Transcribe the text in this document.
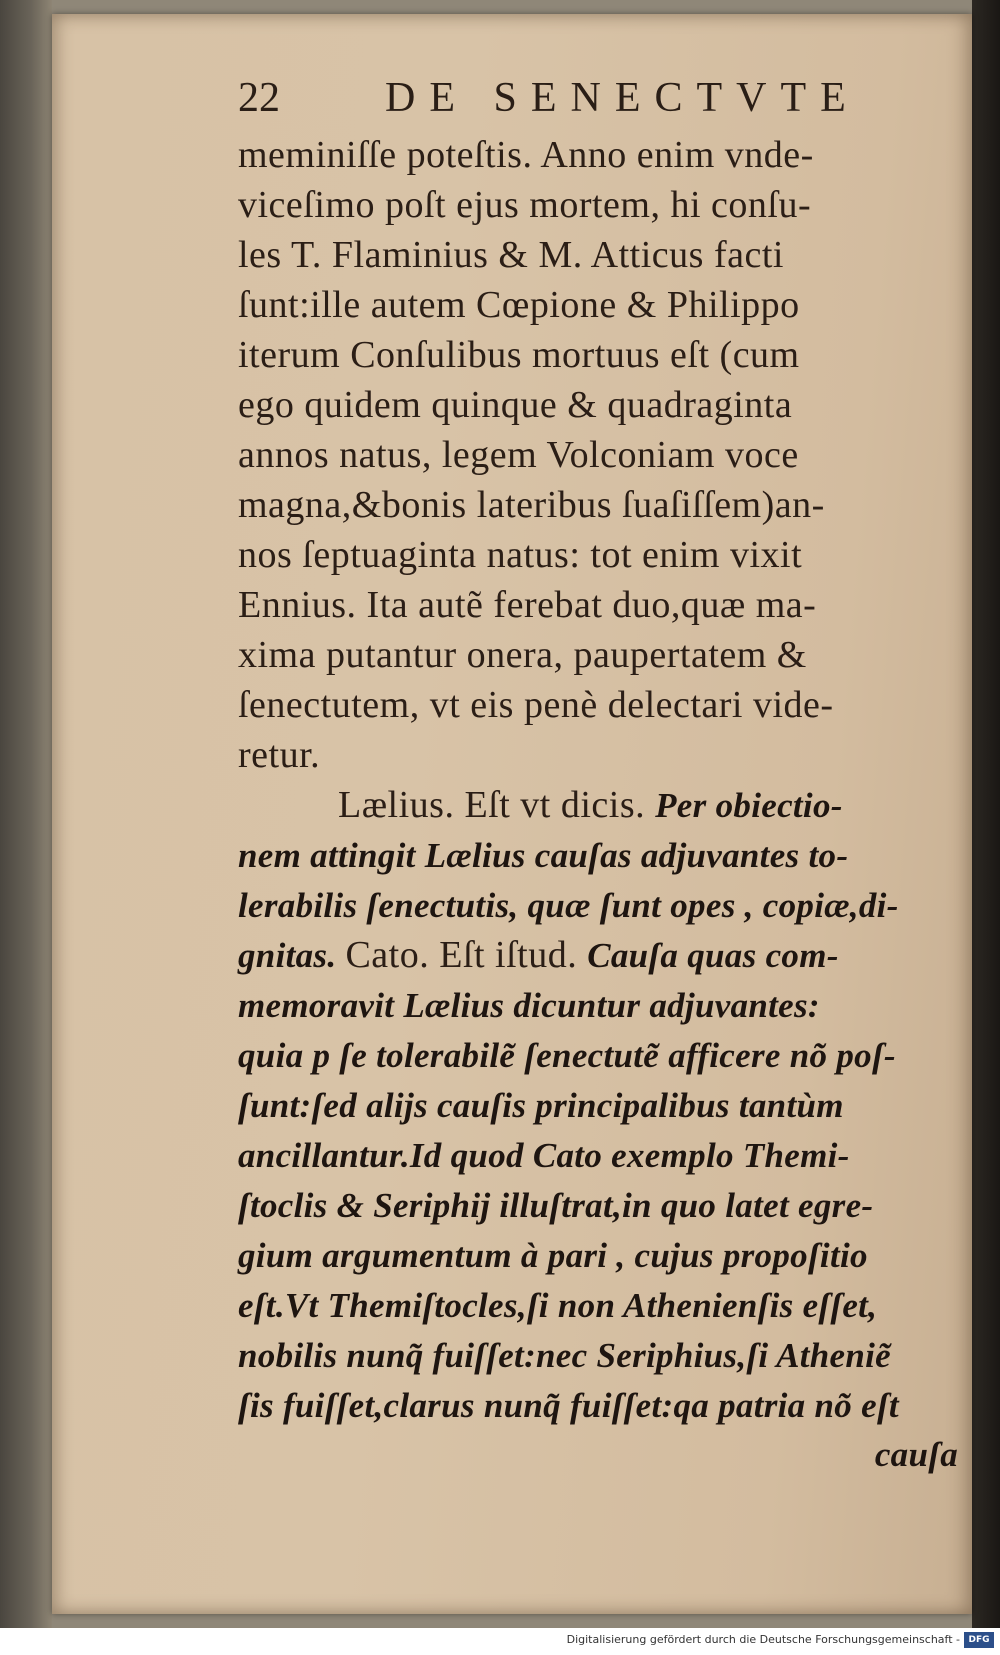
22	DE SENECTVTE
meminiſſe poteſtis. Anno enim vnde-
viceſimo poſt ejus mortem, hi conſu-
les T. Flaminius & M. Atticus facti
ſunt:ille autem Cœpione & Philippo
iterum Conſulibus mortuus eſt (cum
ego quidem quinque & quadraginta
annos natus, legem Volconiam voce
magna,&bonis lateribus ſuaſiſſem)an-
nos ſeptuaginta natus: tot enim vixit
Ennius. Ita autẽ ferebat duo,quæ ma-
xima putantur onera, paupertatem &
ſenectutem, vt eis penè delectari vide-
retur.
Lælius. Eſt vt dicis. Per obiectio-
nem attingit Lælius cauſas adjuvantes to-
lerabilis ſenectutis, quæ ſunt opes , copiæ,di-
gnitas. Cato. Eſt iſtud. Cauſa quas com-
memoravit Lælius dicuntur adjuvantes:
quia p ſe tolerabilẽ ſenectutẽ afficere nõ poſ-
ſunt:ſed alijs cauſis principalibus tantùm
ancillantur.Id quod Cato exemplo Themi-
ſtoclis & Seriphij illuſtrat,in quo latet egre-
gium argumentum à pari , cujus propoſitio
eſt.Vt Themiſtocles,ſi non Athenienſis eſſet,
nobilis nunq̃ fuiſſet:nec Seriphius,ſi Atheniẽ
ſis fuiſſet,clarus nunq̃ fuiſſet:qa patria nõ eſt
cauſa
Digitalisierung gefördert durch die Deutsche Forschungsgemeinschaft - DFG
